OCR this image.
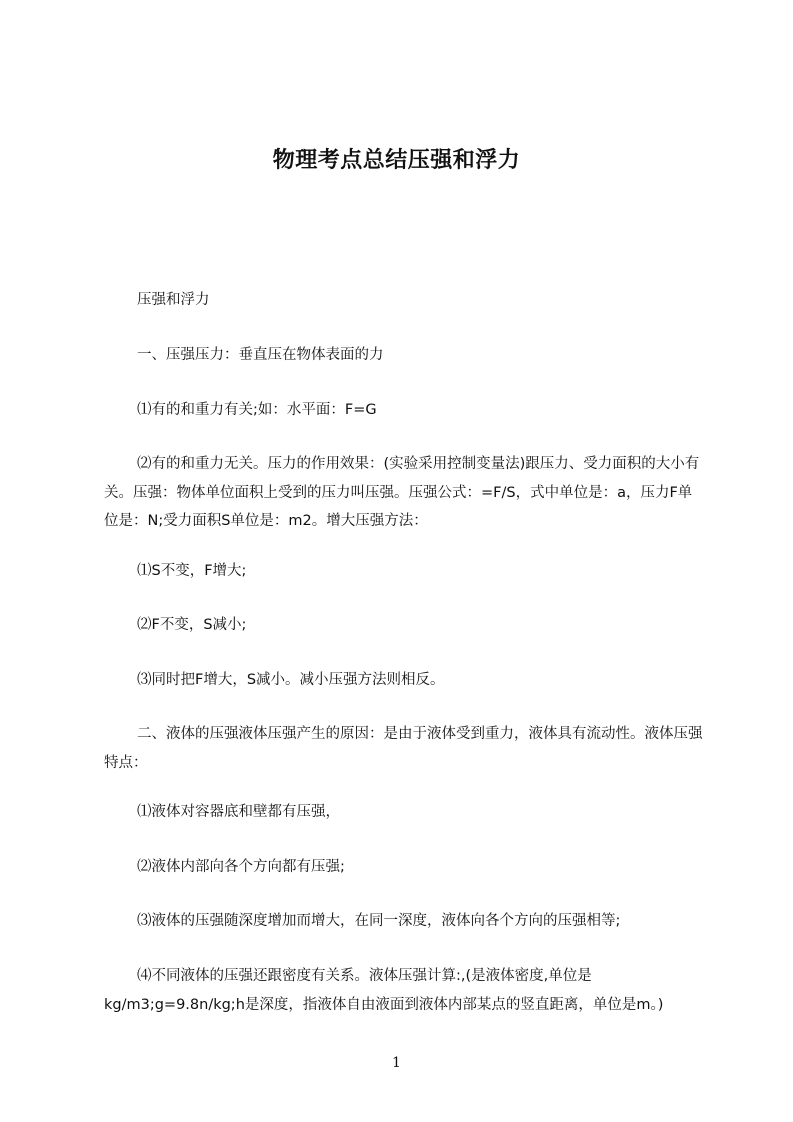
物理考点总结压强和浮力

压强和浮力

一、压强压力：垂直压在物体表面的力

⑴有的和重力有关;如：水平面：F=G

⑵有的和重力无关。压力的作用效果：(实验采用控制变量法)跟压力、受力面积的大小有关。压强：物体单位面积上受到的压力叫压强。压强公式：=F/S，式中单位是：a，压力F单位是：N;受力面积S单位是：m2。增大压强方法：

⑴S不变，F增大;

⑵F不变，S减小;

⑶同时把F增大，S减小。减小压强方法则相反。

二、液体的压强液体压强产生的原因：是由于液体受到重力，液体具有流动性。液体压强特点：

⑴液体对容器底和壁都有压强，

⑵液体内部向各个方向都有压强;

⑶液体的压强随深度增加而增大，在同一深度，液体向各个方向的压强相等;

⑷不同液体的压强还跟密度有关系。液体压强计算:,(是液体密度,单位是　　kg/m3;g=9.8n/kg;h是深度，指液体自由液面到液体内部某点的竖直距离，单位是m。)

1
